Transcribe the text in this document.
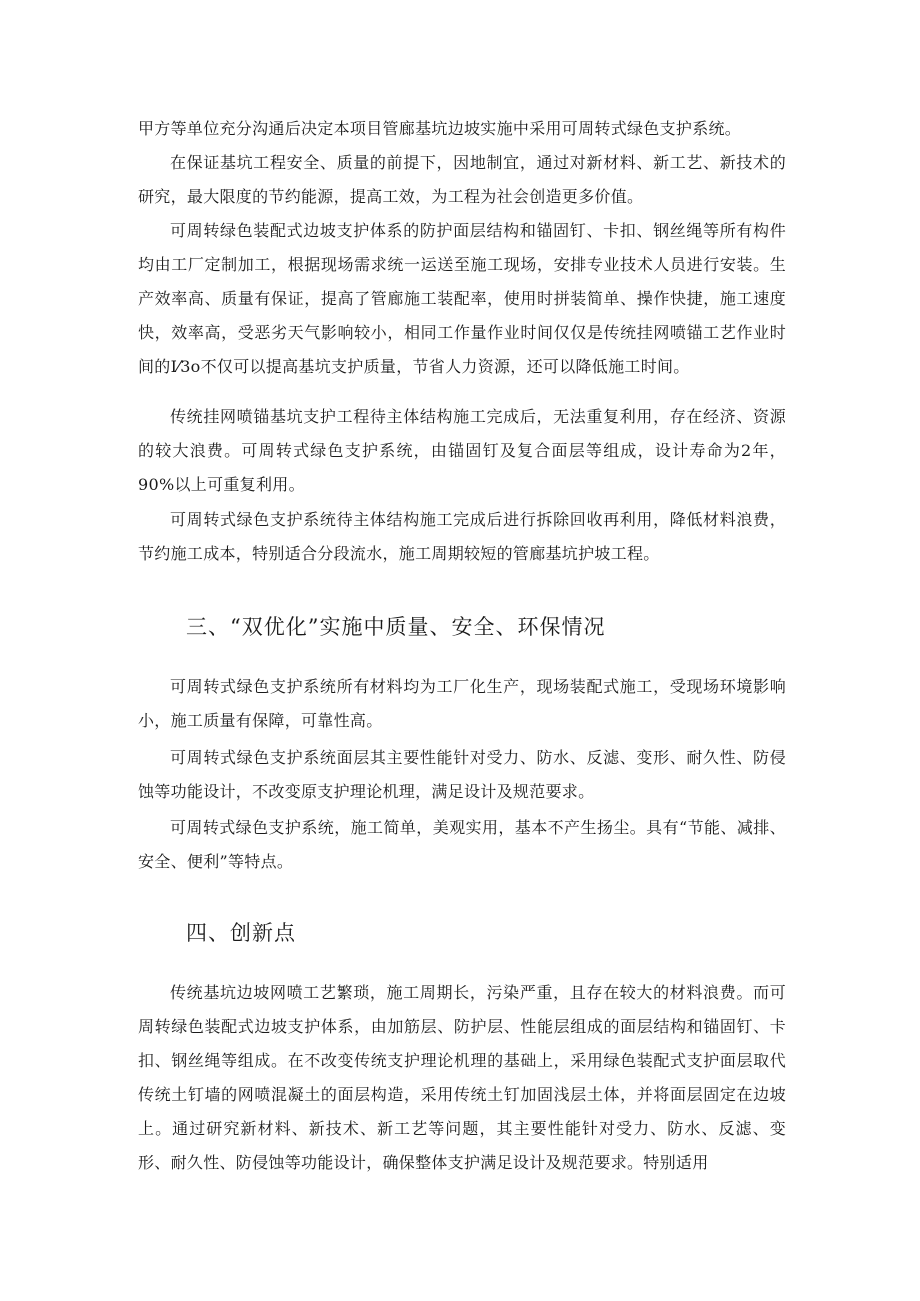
甲方等单位充分沟通后决定本项目管廊基坑边坡实施中采用可周转式绿色支护系统。

在保证基坑工程安全、质量的前提下，因地制宜，通过对新材料、新工艺、新技术的研究，最大限度的节约能源，提高工效，为工程为社会创造更多价值。

可周转绿色装配式边坡支护体系的防护面层结构和锚固钉、卡扣、钢丝绳等所有构件均由工厂定制加工，根据现场需求统一运送至施工现场，安排专业技术人员进行安装。生产效率高、质量有保证，提高了管廊施工装配率，使用时拼装简单、操作快捷，施工速度快，效率高，受恶劣天气影响较小，相同工作量作业时间仅仅是传统挂网喷锚工艺作业时间的I⁄3o不仅可以提高基坑支护质量，节省人力资源，还可以降低施工时间。

传统挂网喷锚基坑支护工程待主体结构施工完成后，无法重复利用，存在经济、资源的较大浪费。可周转式绿色支护系统，由锚固钉及复合面层等组成，设计寿命为2年，90%以上可重复利用。

可周转式绿色支护系统待主体结构施工完成后进行拆除回收再利用，降低材料浪费，节约施工成本，特别适合分段流水，施工周期较短的管廊基坑护坡工程。

三、“双优化”实施中质量、安全、环保情况

可周转式绿色支护系统所有材料均为工厂化生产，现场装配式施工，受现场环境影响小，施工质量有保障，可靠性高。

可周转式绿色支护系统面层其主要性能针对受力、防水、反滤、变形、耐久性、防侵蚀等功能设计，不改变原支护理论机理，满足设计及规范要求。

可周转式绿色支护系统，施工简单，美观实用，基本不产生扬尘。具有“节能、减排、安全、便利”等特点。

四、创新点

传统基坑边坡网喷工艺繁琐，施工周期长，污染严重，且存在较大的材料浪费。而可周转绿色装配式边坡支护体系，由加筋层、防护层、性能层组成的面层结构和锚固钉、卡扣、钢丝绳等组成。在不改变传统支护理论机理的基础上，采用绿色装配式支护面层取代传统土钉墙的网喷混凝土的面层构造，采用传统土钉加固浅层土体，并将面层固定在边坡上。通过研究新材料、新技术、新工艺等问题，其主要性能针对受力、防水、反滤、变形、耐久性、防侵蚀等功能设计，确保整体支护满足设计及规范要求。特别适用
